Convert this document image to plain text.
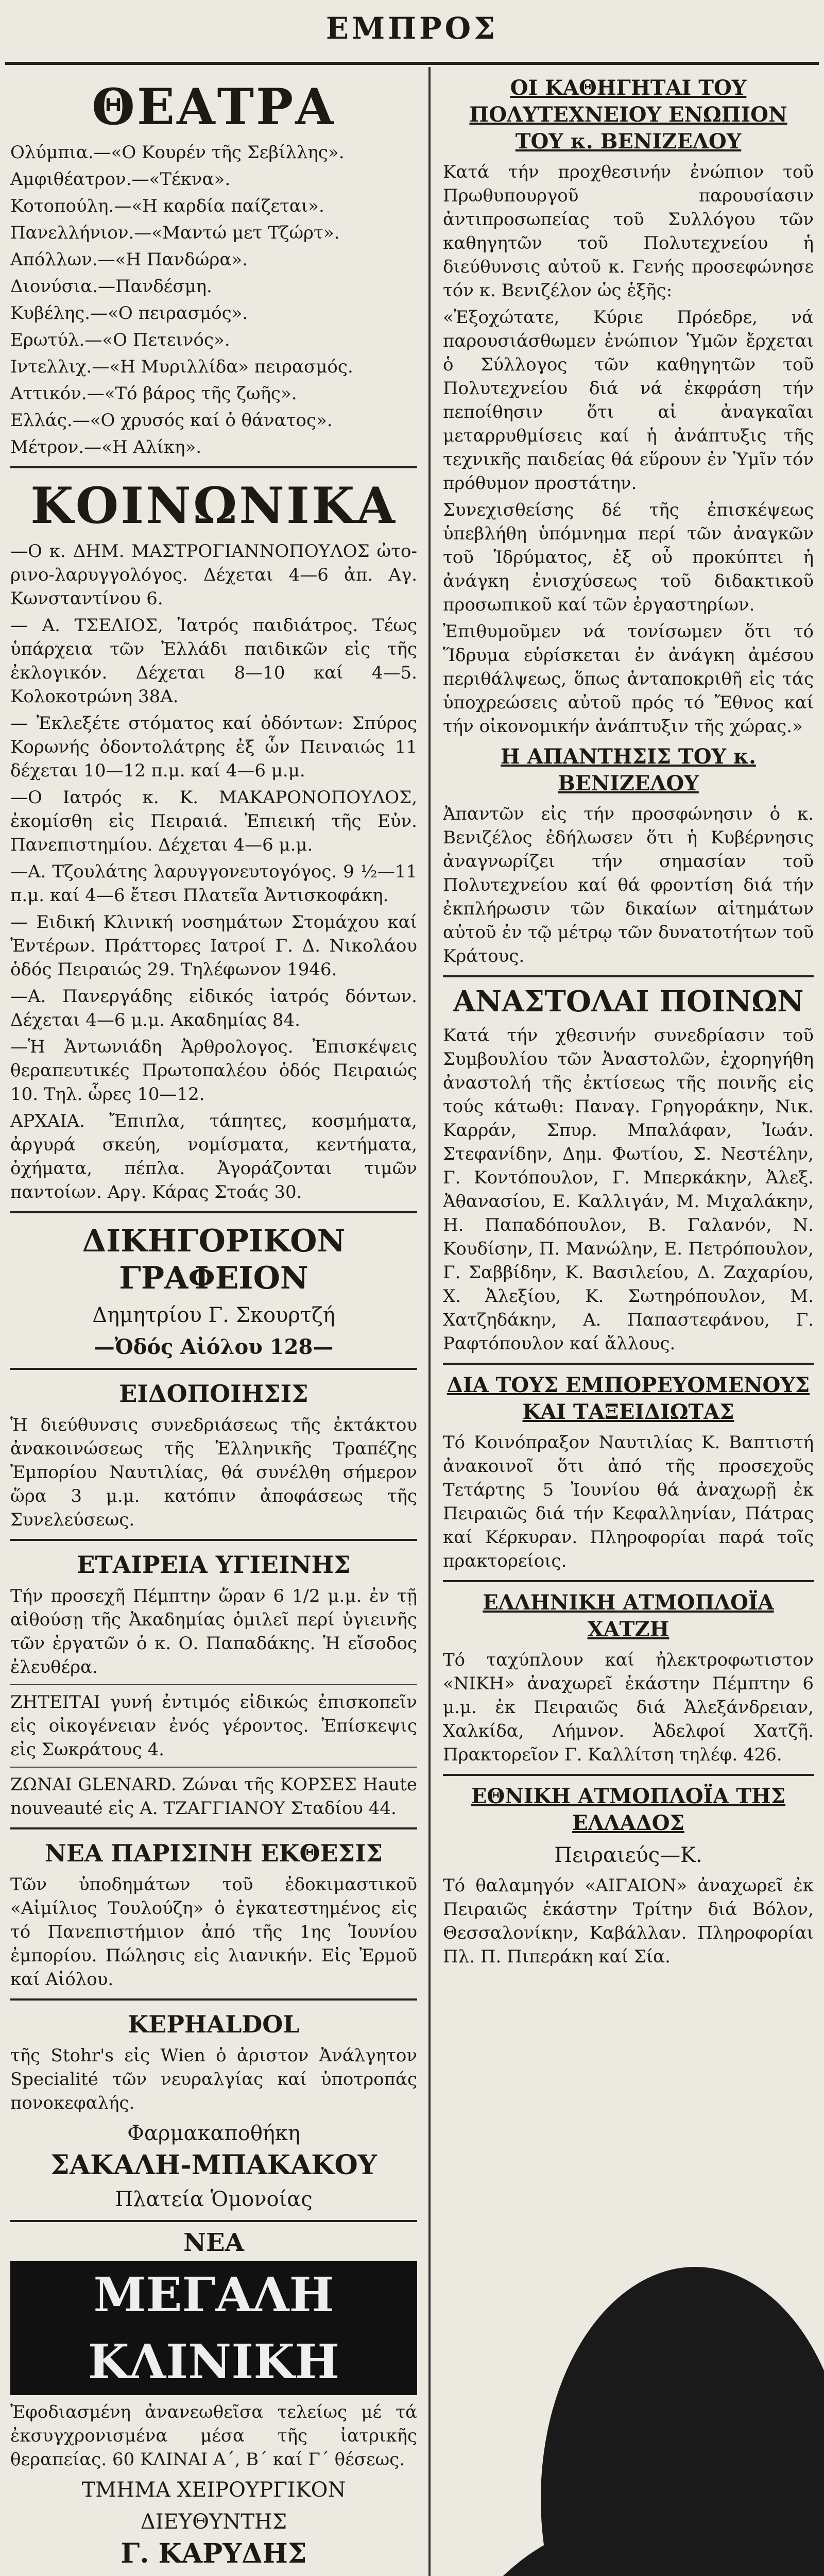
ΕΜΠΡΟΣ
ΘΕΑΤΡΑ

Ολύμπια.—«Ο Κουρέν τῆς Σεβίλλης».

Αμφιθέατρον.—«Τέκνα».

Κοτοπούλη.—«Η καρδία παίζεται».

Πανελλήνιον.—«Μαντώ μετ Τζώρτ».

Απόλλων.—«Η Πανδώρα».

Διονύσια.—Πανδέσμη.

Κυβέλης.—«Ο πειρασμός».

Ερωτύλ.—«Ο Πετεινός».

Ιντελλιχ.—«Η Μυριλλίδα» πειρασμός.

Αττικόν.—«Τό βάρος τῆς ζωῆς».

Ελλάς.—«Ο χρυσός καί ὁ θάνατος».

Μέτρον.—«Η Αλίκη».

ΚΟΙΝΩΝΙΚΑ

—Ο κ. ΔΗΜ. ΜΑΣΤΡΟΓΙΑΝΝΟΠΟΥΛΟΣ ὠτο-ρινο-λαρυγγολόγος. Δέχεται 4—6 ἀπ. Αγ. Κωνσταντίνου 6.

— Α. ΤΣΕΛΙΟΣ, Ἰατρός παιδιάτρος. Τέως ὑπάρχεια τῶν Ἐλλάδι παιδικῶν εἰς τῆς ἐκλογικόν. Δέχεται 8—10 καί 4—5. Κολοκοτρώνη 38Α.

— Ἐκλεξέτε στόματος καί ὀδόντων: Σπύρος Κορωνής ὀδοντολάτρης ἐξ ὧν Πειναιώς 11 δέχεται 10—12 π.μ. καί 4—6 μ.μ.

—Ο Ιατρός κ. Κ. ΜΑΚΑΡΟΝΟΠΟΥΛΟΣ, ἐκομίσθη εἰς Πειραιά. Ἐπιεική τῆς Εὐν. Πανεπιστημίου. Δέχεται 4—6 μ.μ.

—Α. Τζουλάτης λαρυγγονευτογόγος. 9 ½—11 π.μ. καί 4—6 ἔτεσι Πλατεῖα Ἀντισκοφάκη.

— Ειδική Κλινική νοσημάτων Στομάχου καί Ἐντέρων. Πράττορες Ιατροί Γ. Δ. Νικολάου ὁδός Πειραιώς 29. Τηλέφωνον 1946.

—Α. Πανεργάδης εἰδικός ἰατρός δόντων. Δέχεται 4—6 μ.μ. Ακαδημίας 84.

—Ἡ Ἀντωνιάδη Ἀρθρολογος. Ἐπισκέψεις θεραπευτικές Πρωτοπαλέου ὁδός Πειραιώς 10. Τηλ. ὧρες 10—12.

ΑΡΧΑΙΑ. Ἔπιπλα, τάπητες, κοσμήματα, ἀργυρά σκεύη, νομίσματα, κεντήματα, ὀχήματα, πέπλα. Ἀγοράζονται τιμῶν παντοίων. Αργ. Κάρας Στοάς 30.

ΔΙΚΗΓΟΡΙΚΟΝ ΓΡΑΦΕΙΟΝ
Δημητρίου Γ. Σκουρτζή
—Ὀδός Αἰόλου 128—
ΕΙΔΟΠΟΙΗΣΙΣ

Ἡ διεύθυνσις συνεδριάσεως τῆς ἐκτάκτου ἀνακοινώσεως τῆς Ἑλληνικῆς Τραπέζης Ἐμπορίου Ναυτιλίας, θά συνέλθη σήμερον ὥρα 3 μ.μ. κατόπιν ἀποφάσεως τῆς Συνελεύσεως.

ΕΤΑΙΡΕΙΑ ΥΓΙΕΙΝΗΣ

Τήν προσεχῆ Πέμπτην ὥραν 6 1/2 μ.μ. ἐν τῇ αἰθούσῃ τῆς Ἀκαδημίας ὁμιλεῖ περί ὑγιεινῆς τῶν ἐργατῶν ὁ κ. Ο. Παπαδάκης. Ἡ εἴσοδος ἐλευθέρα.

ΖΗΤΕΙΤΑΙ γυνή ἐντιμός εἰδικώς ἐπισκοπεῖν εἰς οἰκογένειαν ἐνός γέροντος. Ἐπίσκεψις εἰς Σωκράτους 4.

ΖΩΝΑΙ GLENARD. Ζώναι τῆς ΚΟΡΣΕΣ Haute nouveauté εἰς Α. ΤΖΑΓΓΙΑΝΟΥ Σταδίου 44.

ΝΕΑ ΠΑΡΙΣΙΝΗ ΕΚΘΕΣΙΣ

Τῶν ὑποδημάτων τοῦ ἐδοκιμαστικοῦ «Αἰμίλιος Τουλούζη» ὁ ἐγκατεστημένος εἰς τό Πανεπιστήμιον ἀπό τῆς 1ης Ἰουνίου ἐμπορίου. Πώλησις εἰς λιανικήν. Εἰς Ἐρμοῦ καί Αἰόλου.

KEPHALDOL

τῆς Stohr's εἰς Wien ὁ ἀριστον Ἀνάλγητον Specialité τῶν νευραλγίας καί ὑποτροπάς πονοκεφαλής.

Φαρμακαποθήκη
ΣΑΚΑΛΗ-ΜΠΑΚΑΚΟΥ
Πλατεία Ὁμονοίας
ΝΕΑ
ΜΕΓΑΛΗ ΚΛΙΝΙΚΗ

Ἐφοδιασμένη ἀνανεωθεῖσα τελείως μέ τά ἐκσυγχρονισμένα μέσα τῆς ἰατρικῆς θεραπείας. 60 ΚΛΙΝΑΙ Α΄, Β΄ καί Γ΄ θέσεως.

ΤΜΗΜΑ ΧΕΙΡΟΥΡΓΙΚΟΝ
ΔΙΕΥΘΥΝΤΗΣ
Γ. ΚΑΡΥΔΗΣ

ΟΙ ΚΑΘΗΓΗΤΑΙ ΤΟΥ ΠΟΛΥΤΕΧΝΕΙΟΥ ΕΝΩΠΙΟΝ ΤΟΥ κ. ΒΕΝΙΖΕΛΟΥ

Κατά τήν προχθεσινήν ἐνώπιον τοῦ Πρωθυπουργοῦ παρουσίασιν ἀντιπροσωπείας τοῦ Συλλόγου τῶν καθηγητῶν τοῦ Πολυτεχνείου ἡ διεύθυνσις αὐτοῦ κ. Γενής προσεφώνησε τόν κ. Βενιζέλον ὡς ἑξῆς:

«Ἐξοχώτατε, Κύριε Πρόεδρε, νά παρουσιάσθωμεν ἐνώπιον Ὑμῶν ἔρχεται ὁ Σύλλογος τῶν καθηγητῶν τοῦ Πολυτεχνείου διά νά ἐκφράση τήν πεποίθησιν ὅτι αἱ ἀναγκαῖαι μεταρρυθμίσεις καί ἡ ἀνάπτυξις τῆς τεχνικῆς παιδείας θά εὕρουν ἐν Ὑμῖν τόν πρόθυμον προστάτην.

Συνεχισθείσης δέ τῆς ἐπισκέψεως ὑπεβλήθη ὑπόμνημα περί τῶν ἀναγκῶν τοῦ Ἱδρύματος, ἐξ οὗ προκύπτει ἡ ἀνάγκη ἐνισχύσεως τοῦ διδακτικοῦ προσωπικοῦ καί τῶν ἐργαστηρίων.

Ἐπιθυμοῦμεν νά τονίσωμεν ὅτι τό Ἵδρυμα εὑρίσκεται ἐν ἀνάγκη ἀμέσου περιθάλψεως, ὅπως ἀνταποκριθῆ εἰς τάς ὑποχρεώσεις αὐτοῦ πρός τό Ἔθνος καί τήν οἰκονομικήν ἀνάπτυξιν τῆς χώρας.»

Η ΑΠΑΝΤΗΣΙΣ ΤΟΥ κ. ΒΕΝΙΖΕΛΟΥ

Ἀπαντῶν εἰς τήν προσφώνησιν ὁ κ. Βενιζέλος ἐδήλωσεν ὅτι ἡ Κυβέρνησις ἀναγνωρίζει τήν σημασίαν τοῦ Πολυτεχνείου καί θά φροντίση διά τήν ἐκπλήρωσιν τῶν δικαίων αἰτημάτων αὐτοῦ ἐν τῷ μέτρῳ τῶν δυνατοτήτων τοῦ Κράτους.

ΑΝΑΣΤΟΛΑΙ ΠΟΙΝΩΝ

Κατά τήν χθεσινήν συνεδρίασιν τοῦ Συμβουλίου τῶν Ἀναστολῶν, ἐχορηγήθη ἀναστολή τῆς ἐκτίσεως τῆς ποινῆς εἰς τούς κάτωθι: Παναγ. Γρηγοράκην, Νικ. Καρράν, Σπυρ. Μπαλάφαν, Ἰωάν. Στεφανίδην, Δημ. Φωτίου, Σ. Νεστέλην, Γ. Κοντόπουλον, Γ. Μπερκάκην, Ἀλεξ. Ἀθανασίου, Ε. Καλλιγάν, Μ. Μιχαλάκην, Η. Παπαδόπουλον, Β. Γαλανόν, Ν. Κουδίσην, Π. Μανώλην, Ε. Πετρόπουλον, Γ. Σαββίδην, Κ. Βασιλείου, Δ. Ζαχαρίου, Χ. Ἀλεξίου, Κ. Σωτηρόπουλον, Μ. Χατζηδάκην, Α. Παπαστεφάνου, Γ. Ραφτόπουλον καί ἄλλους.

ΔΙΑ ΤΟΥΣ ΕΜΠΟΡΕΥΟΜΕΝΟΥΣ ΚΑΙ ΤΑΞΕΙΔΙΩΤΑΣ

Τό Κοινόπραξον Ναυτιλίας Κ. Βαπτιστή ἀνακοινοῖ ὅτι ἀπό τῆς προσεχοῦς Τετάρτης 5 Ἰουνίου θά ἀναχωρῇ ἐκ Πειραιῶς διά τήν Κεφαλληνίαν, Πάτρας καί Κέρκυραν. Πληροφορίαι παρά τοῖς πρακτορείοις.

ΕΛΛΗΝΙΚΗ ΑΤΜΟΠΛΟΪΑ ΧΑΤΖΗ

Τό ταχύπλουν καί ἠλεκτροφωτιστον «ΝΙΚΗ» ἀναχωρεῖ ἑκάστην Πέμπτην 6 μ.μ. ἐκ Πειραιῶς διά Ἀλεξάνδρειαν, Χαλκίδα, Λήμνον. Ἀδελφοί Χατζῆ. Πρακτορεῖον Γ. Καλλίτση τηλέφ. 426.

ΕΘΝΙΚΗ ΑΤΜΟΠΛΟΪΑ ΤΗΣ ΕΛΛΑΔΟΣ
Πειραιεύς—Κ.

Τό θαλαμηγόν «ΑΙΓΑΙΟΝ» ἀναχωρεῖ ἐκ Πειραιῶς ἑκάστην Τρίτην διά Βόλον, Θεσσαλονίκην, Καβάλλαν. Πληροφορίαι Πλ. Π. Πιπεράκη καί Σία.
